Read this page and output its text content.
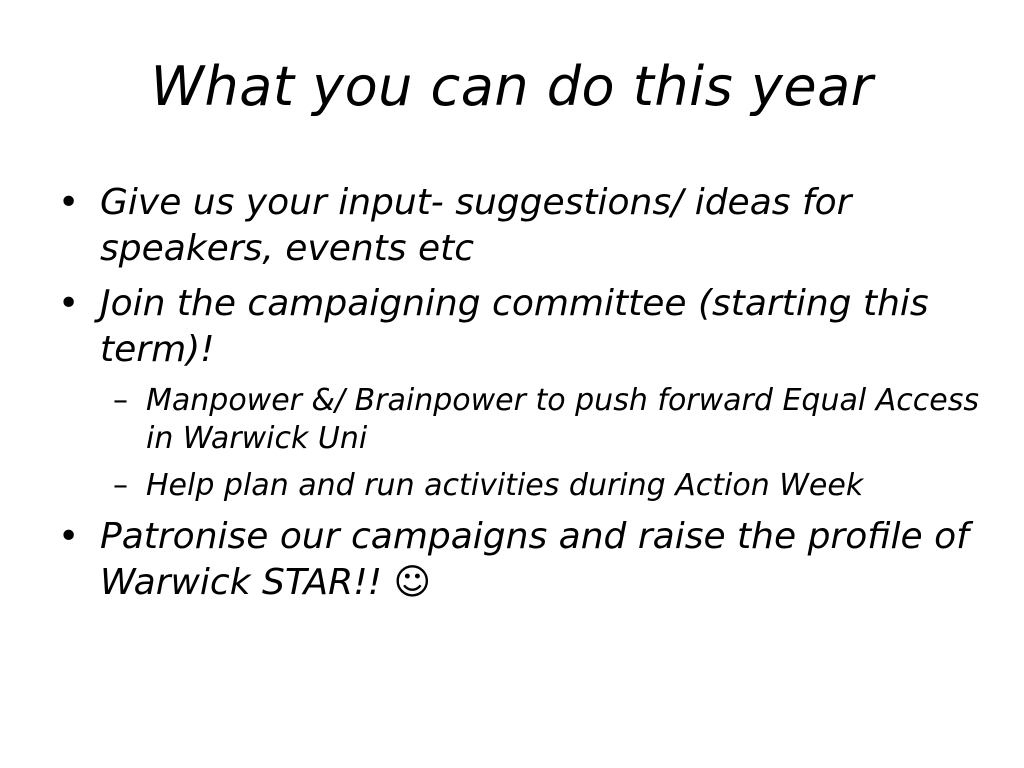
What you can do this year
• Give us your input- suggestions/ ideas for speakers, events etc
• Join the campaigning committee (starting this term)!
– Manpower &/ Brainpower to push forward Equal Access in Warwick Uni
– Help plan and run activities during Action Week
• Patronise our campaigns and raise the profile of Warwick STAR!! ☺
